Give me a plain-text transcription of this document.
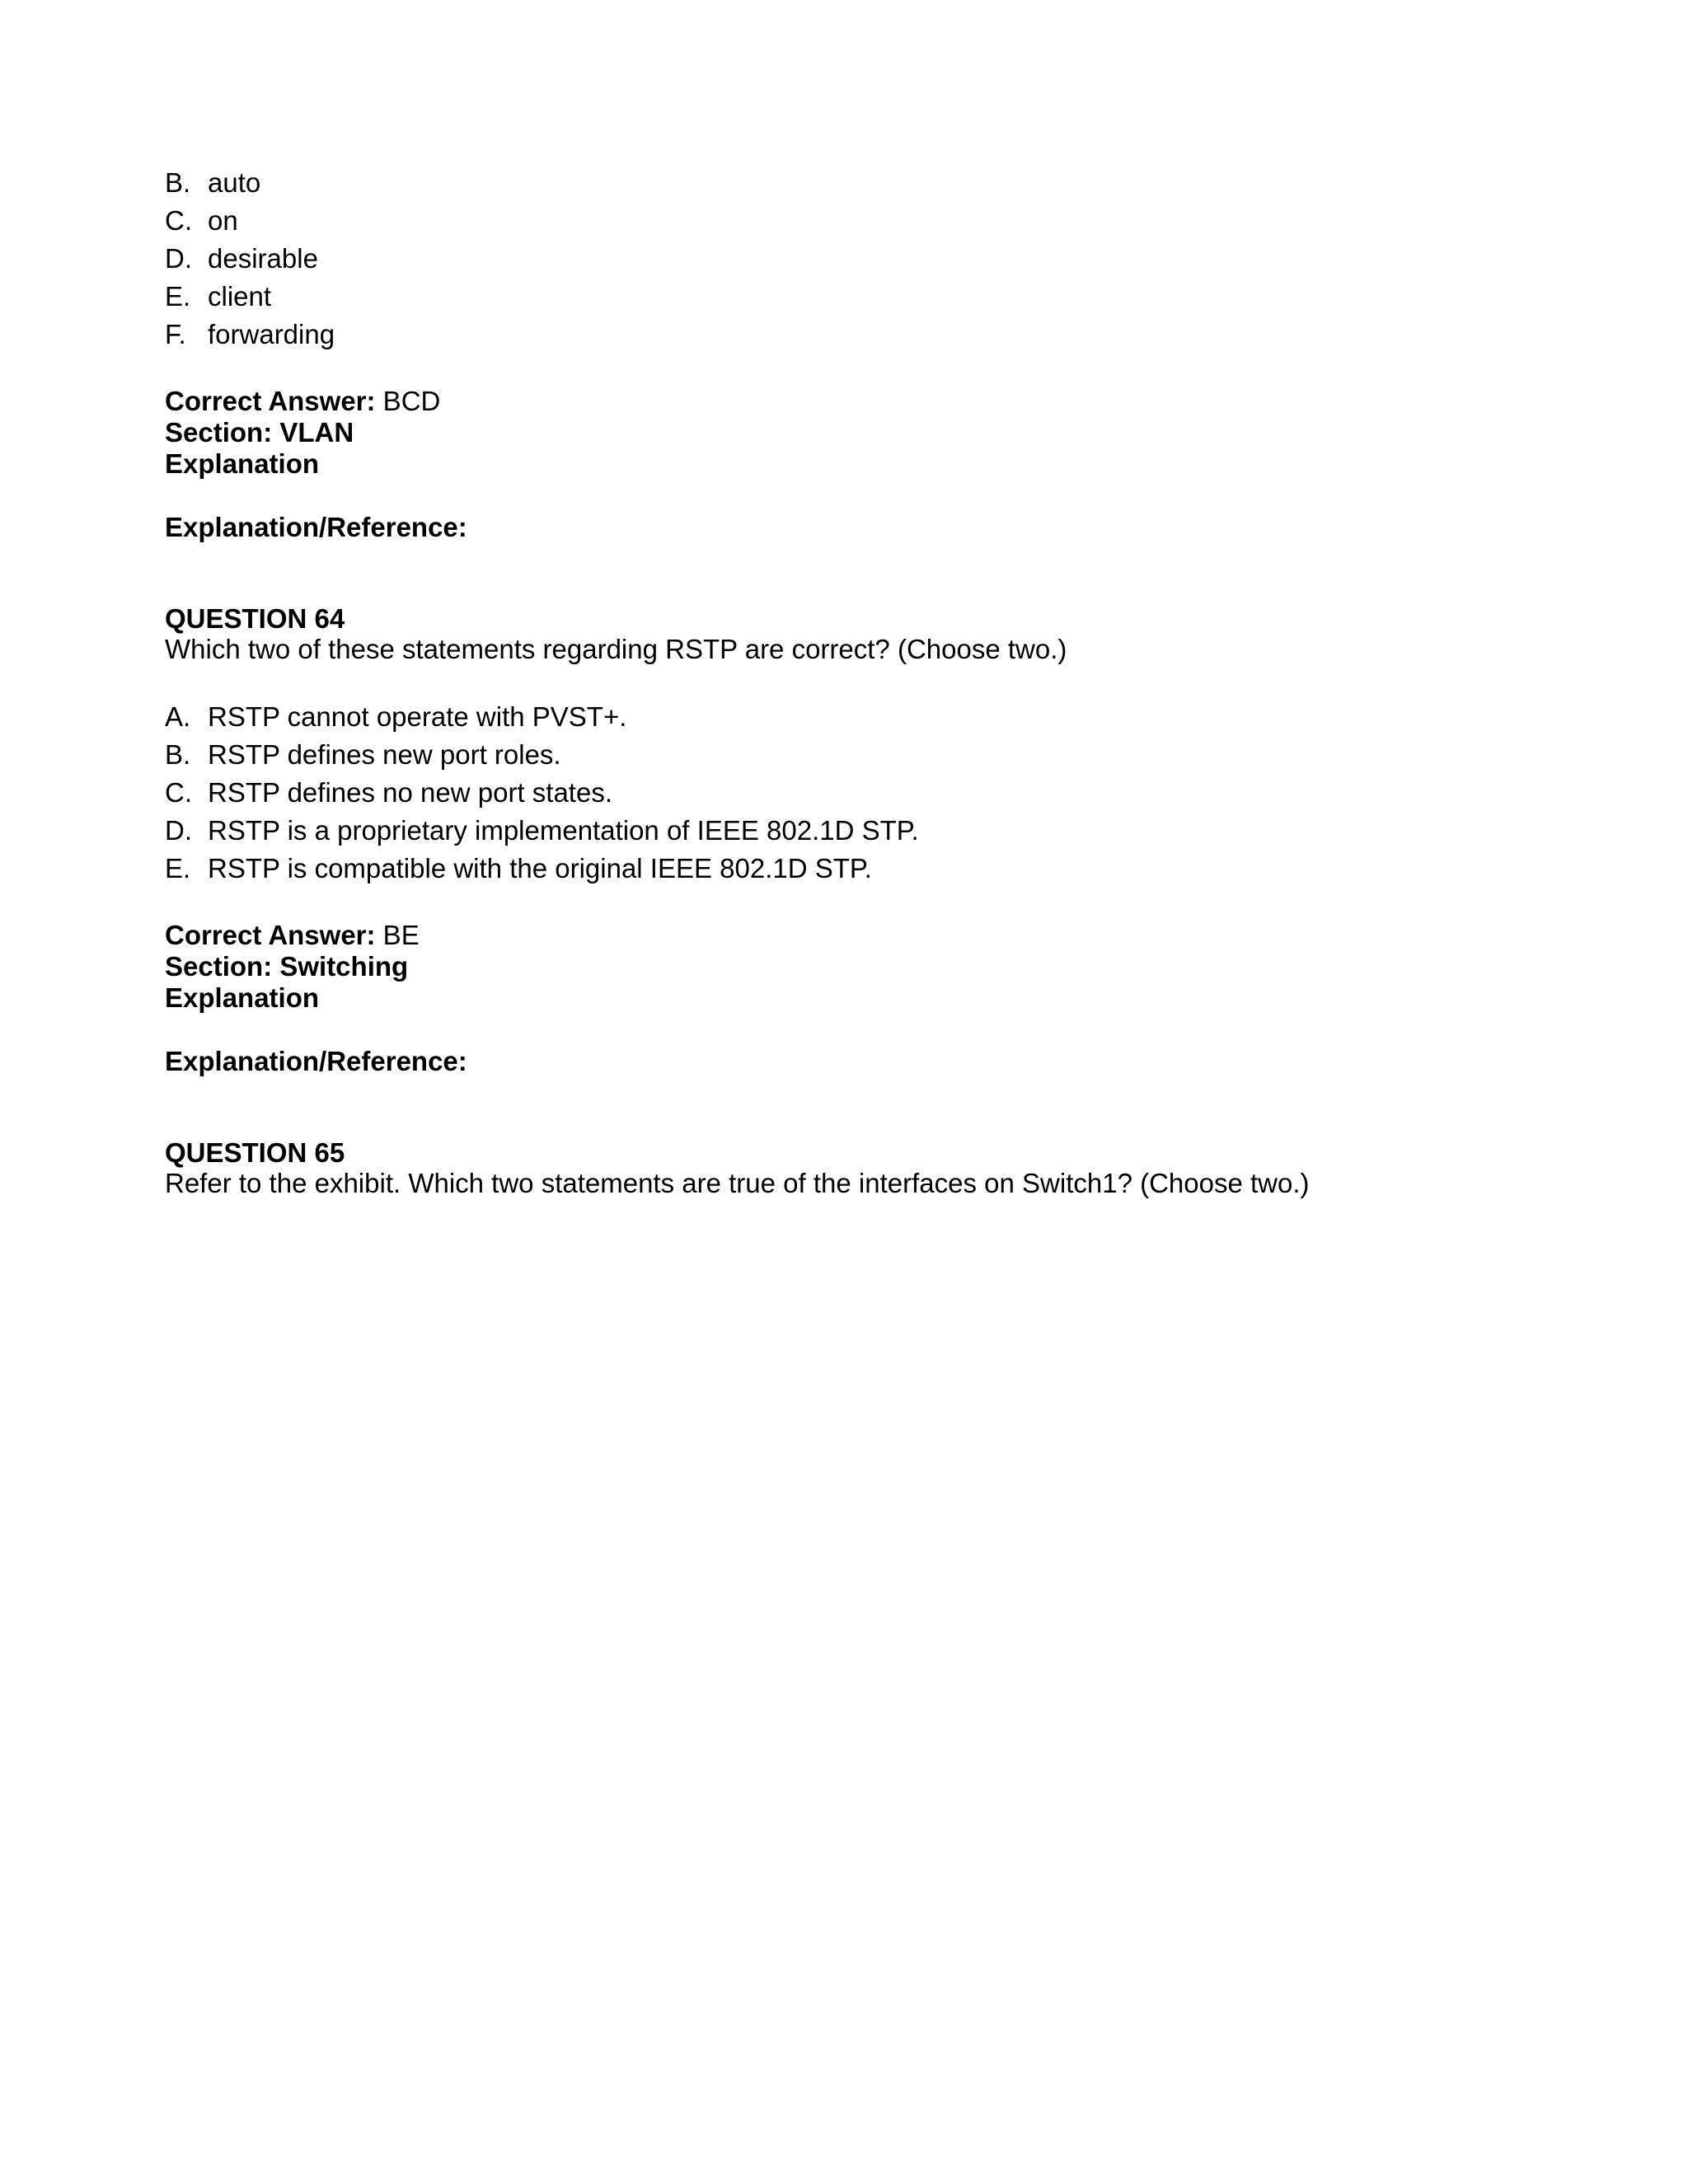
B. auto
C. on
D. desirable
E. client
F. forwarding
Correct Answer: BCD
Section: VLAN
Explanation
Explanation/Reference:
QUESTION 64
Which two of these statements regarding RSTP are correct? (Choose two.)
A. RSTP cannot operate with PVST+.
B. RSTP defines new port roles.
C. RSTP defines no new port states.
D. RSTP is a proprietary implementation of IEEE 802.1D STP.
E. RSTP is compatible with the original IEEE 802.1D STP.
Correct Answer: BE
Section: Switching
Explanation
Explanation/Reference:
QUESTION 65
Refer to the exhibit. Which two statements are true of the interfaces on Switch1? (Choose two.)
